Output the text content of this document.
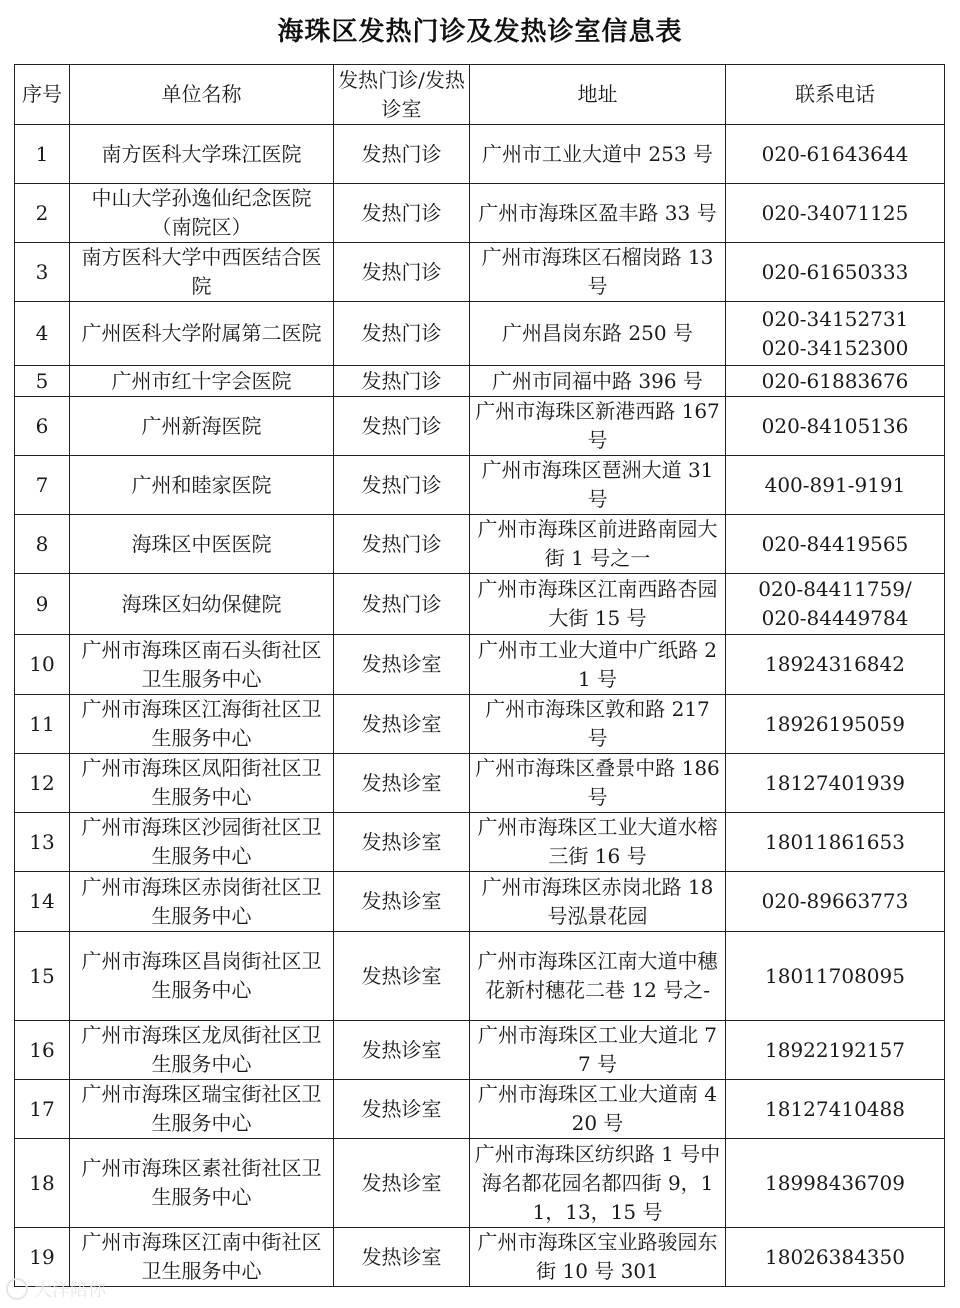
海珠区发热门诊及发热诊室信息表
序号	单位名称	发热门诊/发热诊室	地址	联系电话
1	南方医科大学珠江医院	发热门诊	广州市工业大道中 253 号	020-61643644

2	中山大学孙逸仙纪念医院（南院区）	发热门诊	广州市海珠区盈丰路 33 号	020-34071125

3	南方医科大学中西医结合医院	发热门诊	广州市海珠区石榴岗路 13 号	020-61650333

4	广州医科大学附属第二医院	发热门诊	广州昌岗东路 250 号	020-34152731
020-34152300

5	广州市红十字会医院	发热门诊	广州市同福中路 396 号	020-61883676

6	广州新海医院	发热门诊	广州市海珠区新港西路 167 号	020-84105136

7	广州和睦家医院	发热门诊	广州市海珠区琶洲大道 31 号	400-891-9191

8	海珠区中医医院	发热门诊	广州市海珠区前进路南园大街 1 号之一	020-84419565

9	海珠区妇幼保健院	发热门诊	广州市海珠区江南西路杏园大街 15 号	020-84411759/
020-84449784

10	广州市海珠区南石头街社区卫生服务中心	发热诊室	广州市工业大道中广纸路 21 号	18924316842

11	广州市海珠区江海街社区卫生服务中心	发热诊室	广州市海珠区敦和路 217 号	18926195059

12	广州市海珠区凤阳街社区卫生服务中心	发热诊室	广州市海珠区叠景中路 186 号	18127401939

13	广州市海珠区沙园街社区卫生服务中心	发热诊室	广州市海珠区工业大道水榕三街 16 号	18011861653

14	广州市海珠区赤岗街社区卫生服务中心	发热诊室	广州市海珠区赤岗北路 18 号泓景花园	020-89663773

15	广州市海珠区昌岗街社区卫生服务中心	发热诊室	广州市海珠区江南大道中穗花新村穗花二巷 12 号之-	18011708095

16	广州市海珠区龙凤街社区卫生服务中心	发热诊室	广州市海珠区工业大道北 77 号	18922192157

17	广州市海珠区瑞宝街社区卫生服务中心	发热诊室	广州市海珠区工业大道南 420 号	18127410488

18	广州市海珠区素社街社区卫生服务中心	发热诊室	广州市海珠区纺织路 1 号中海名都花园名都四街 9，11，13，15 号	18998436709

19	广州市海珠区江南中街社区卫生服务中心	发热诊室	广州市海珠区宝业路骏园东街 10 号 301	18026384350
大洋陪你
